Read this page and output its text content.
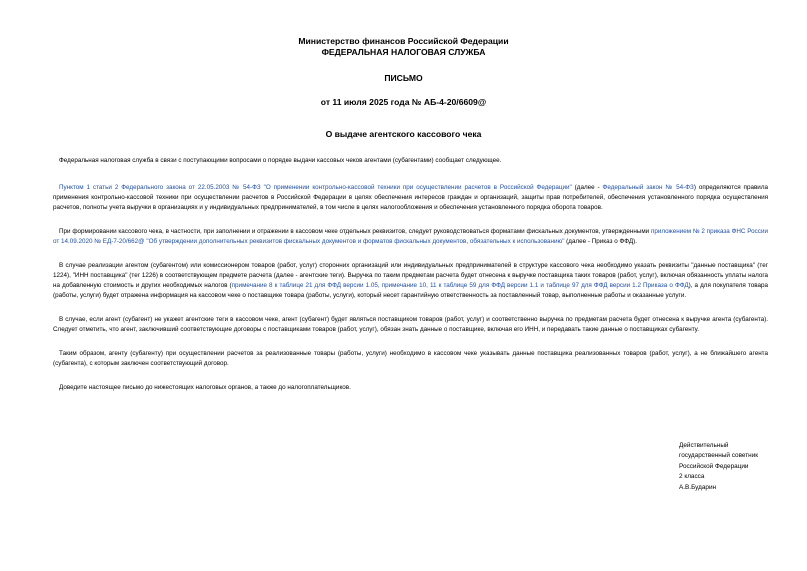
Министерство финансов Российской Федерации
ФЕДЕРАЛЬНАЯ НАЛОГОВАЯ СЛУЖБА
ПИСЬМО
от 11 июля 2025 года № АБ-4-20/6609@
О выдаче агентского кассового чека

Федеральная налоговая служба в связи с поступающими вопросами о порядке выдачи кассовых чеков агентами (субагентами) сообщает следующее.

Пунктом 1 статьи 2 Федерального закона от 22.05.2003 № 54-ФЗ "О применении контрольно-кассовой техники при осуществлении расчетов в Российской Федерации" (далее - Федеральный закон № 54-ФЗ) определяются правила применения контрольно-кассовой техники при осуществлении расчетов в Российской Федерации в целях обеспечения интересов граждан и организаций, защиты прав потребителей, обеспечения установленного порядка осуществления расчетов, полноты учета выручки в организациях и у индивидуальных предпринимателей, в том числе в целях налогообложения и обеспечения установленного порядка оборота товаров.

При формировании кассового чека, в частности, при заполнении и отражении в кассовом чеке отдельных реквизитов, следует руководствоваться форматами фискальных документов, утвержденными приложением № 2 приказа ФНС России от 14.09.2020 № ЕД-7-20/662@ "Об утверждении дополнительных реквизитов фискальных документов и форматов фискальных документов, обязательных к использованию" (далее - Приказ о ФФД).

В случае реализации агентом (субагентом) или комиссионером товаров (работ, услуг) сторонних организаций или индивидуальных предпринимателей в структуре кассового чека необходимо указать реквизиты "данные поставщика" (тег 1224), "ИНН поставщика" (тег 1226) в соответствующем предмете расчета (далее - агентские теги). Выручка по таким предметам расчета будет отнесена к выручке поставщика таких товаров (работ, услуг), включая обязанность уплаты налога на добавленную стоимость и других необходимых налогов (примечание 8 к таблице 21 для ФФД версии 1.05, примечание 10, 11 к таблице 59 для ФФД версии 1.1 и таблице 97 для ФФД версии 1.2 Приказа о ФФД), а для покупателя товара (работы, услуги) будет отражена информация на кассовом чеке о поставщике товара (работы, услуги), который несет гарантийную ответственность за поставленный товар, выполненные работы и оказанные услуги.

В случае, если агент (субагент) не укажет агентские теги в кассовом чеке, агент (субагент) будет являться поставщиком товаров (работ, услуг) и соответственно выручка по предметам расчета будет отнесена к выручке агента (субагента). Следует отметить, что агент, заключивший соответствующие договоры с поставщиками товаров (работ, услуг), обязан знать данные о поставщике, включая его ИНН, и передавать такие данные о поставщиках субагенту.

Таким образом, агенту (субагенту) при осуществлении расчетов за реализованные товары (работы, услуги) необходимо в кассовом чеке указывать данные поставщика реализованных товаров (работ, услуг), а не ближайшего агента (субагента), с которым заключен соответствующий договор.

Доведите настоящее письмо до нижестоящих налоговых органов, а также до налогоплательщиков.

Действительный
государственный советник
Российской Федерации
2 класса
А.В.Бударин
